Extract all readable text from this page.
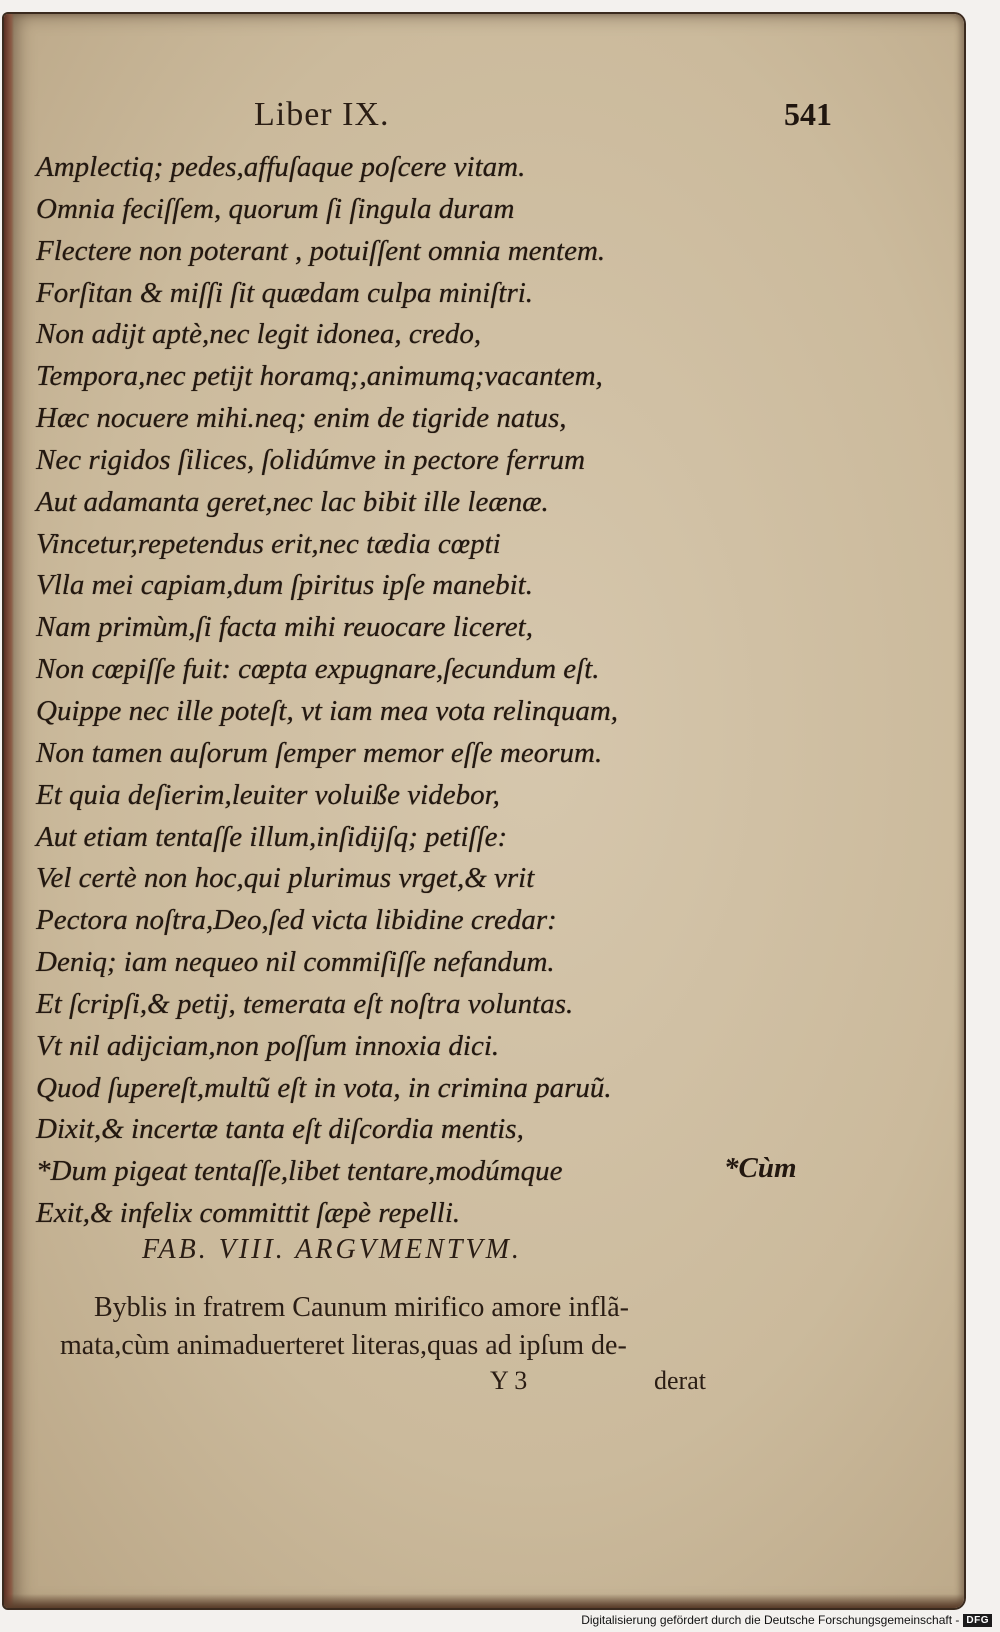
Liber IX.	541
Amplectiq; pedes,affuſaque poſcere vitam.
Omnia feciſſem, quorum ſi ſingula duram
Flectere non poterant , potuiſſent omnia mentem.
Forſitan & miſſi ſit quædam culpa miniſtri.
Non adijt aptè,nec legit idonea, credo,
Tempora,nec petijt horamq;,animumq;vacantem,
Hæc nocuere mihi.neq; enim de tigride natus,
Nec rigidos ſilices, ſolidúmve in pectore ferrum
Aut adamanta geret,nec lac bibit ille leænæ.
Vincetur,repetendus erit,nec tædia cœpti
Vlla mei capiam,dum ſpiritus ipſe manebit.
Nam primùm,ſi facta mihi reuocare liceret,
Non cœpiſſe fuit: cœpta expugnare,ſecundum eſt.
Quippe nec ille poteſt, vt iam mea vota relinquam,
Non tamen auſorum ſemper memor eſſe meorum.
Et quia deſierim,leuiter voluiße videbor,
Aut etiam tentaſſe illum,inſidijſq; petiſſe:
Vel certè non hoc,qui plurimus vrget,& vrit
Pectora noſtra,Deo,ſed victa libidine credar:
Deniq; iam nequeo nil commiſiſſe nefandum.
Et ſcripſi,& petij, temerata eſt noſtra voluntas.
Vt nil adijciam,non poſſum innoxia dici.
Quod ſupereſt,multũ eſt in vota, in crimina paruũ.
Dixit,& incertæ tanta eſt diſcordia mentis,
*Dum pigeat tentaſſe,libet tentare,modúmque
Exit,& infelix committit ſæpè repelli.
*Cùm
FAB. VIII. ARGVMENTVM.
Byblis in fratrem Caunum mirifico amore inflã-
mata,cùm animaduerteret literas,quas ad ipſum de-
Y 3	derat
Digitalisierung gefördert durch die Deutsche Forschungsgemeinschaft - DFG
